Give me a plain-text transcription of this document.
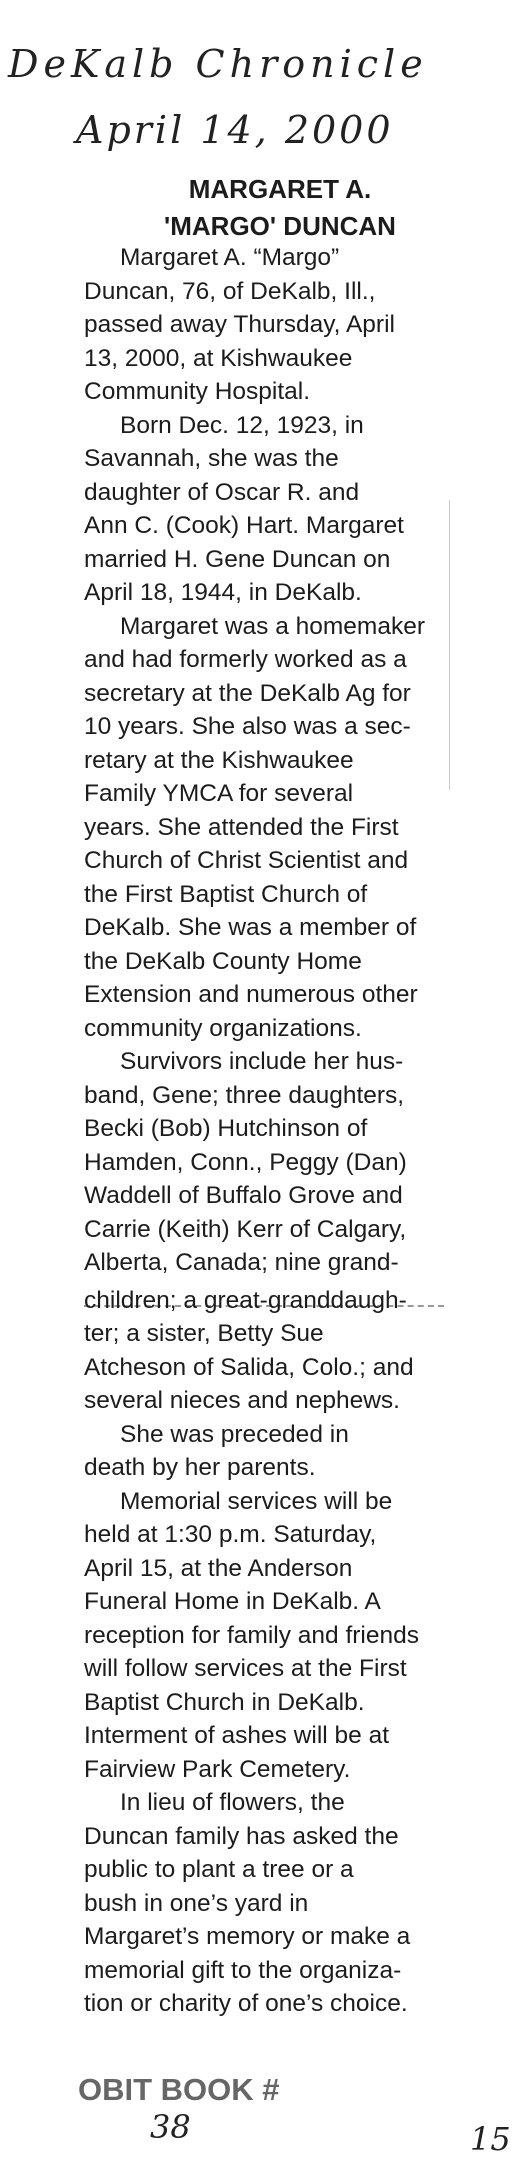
DeKalb Chronicle
April 14, 2000
MARGARET A.
'MARGO' DUNCAN
Margaret A. “Margo”
Duncan, 76, of DeKalb, Ill.,
passed away Thursday, April
13, 2000, at Kishwaukee
Community Hospital.
Born Dec. 12, 1923, in
Savannah, she was the
daughter of Oscar R. and
Ann C. (Cook) Hart. Margaret
married H. Gene Duncan on
April 18, 1944, in DeKalb.
Margaret was a homemaker
and had formerly worked as a
secretary at the DeKalb Ag for
10 years. She also was a sec-
retary at the Kishwaukee
Family YMCA for several
years. She attended the First
Church of Christ Scientist and
the First Baptist Church of
DeKalb. She was a member of
the DeKalb County Home
Extension and numerous other
community organizations.
Survivors include her hus-
band, Gene; three daughters,
Becki (Bob) Hutchinson of
Hamden, Conn., Peggy (Dan)
Waddell of Buffalo Grove and
Carrie (Keith) Kerr of Calgary,
Alberta, Canada; nine grand-
children; a great-granddaugh-
ter; a sister, Betty Sue
Atcheson of Salida, Colo.; and
several nieces and nephews.
She was preceded in
death by her parents.
Memorial services will be
held at 1:30 p.m. Saturday,
April 15, at the Anderson
Funeral Home in DeKalb. A
reception for family and friends
will follow services at the First
Baptist Church in DeKalb.
Interment of ashes will be at
Fairview Park Cemetery.
In lieu of flowers, the
Duncan family has asked the
public to plant a tree or a
bush in one’s yard in
Margaret’s memory or make a
memorial gift to the organiza-
tion or charity of one’s choice.
OBIT BOOK #
38	15
